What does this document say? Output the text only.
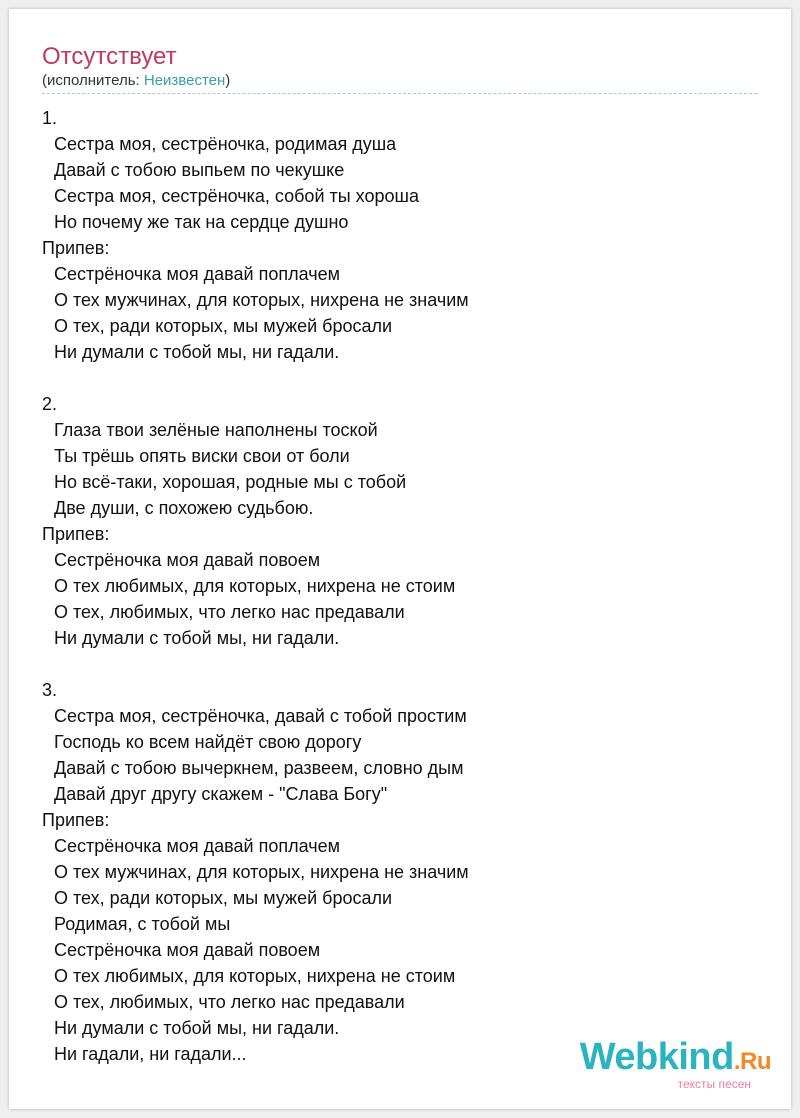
Отсутствует
(исполнитель: Неизвестен)
1.
Сестра моя, сестрёночка, родимая душа
Давай с тобою выпьем по чекушке
Сестра моя, сестрёночка, собой ты хороша
Но почему же так на сердце душно
Припев:
Сестрёночка моя давай поплачем
О тех мужчинах, для которых, нихрена не значим
О тех, ради которых, мы мужей бросали
Ни думали с тобой мы, ни гадали.
2.
Глаза твои зелёные наполнены тоской
Ты трёшь опять виски свои от боли
Но всё-таки, хорошая, родные мы с тобой
Две души, с похожею судьбою.
Припев:
Сестрёночка моя давай повоем
О тех любимых, для которых, нихрена не стоим
О тех, любимых, что легко нас предавали
Ни думали с тобой мы, ни гадали.
3.
Сестра моя, сестрёночка, давай с тобой простим
Господь ко всем найдёт свою дорогу
Давай с тобою вычеркнем, развеем, словно дым
Давай друг другу скажем - "Слава Богу"
Припев:
Сестрёночка моя давай поплачем
О тех мужчинах, для которых, нихрена не значим
О тех, ради которых, мы мужей бросали
Родимая, с тобой мы
Сестрёночка моя давай повоем
О тех любимых, для которых, нихрена не стоим
О тех, любимых, что легко нас предавали
Ни думали с тобой мы, ни гадали.
Ни гадали, ни гадали...	Webkind.Ru
тексты песен
